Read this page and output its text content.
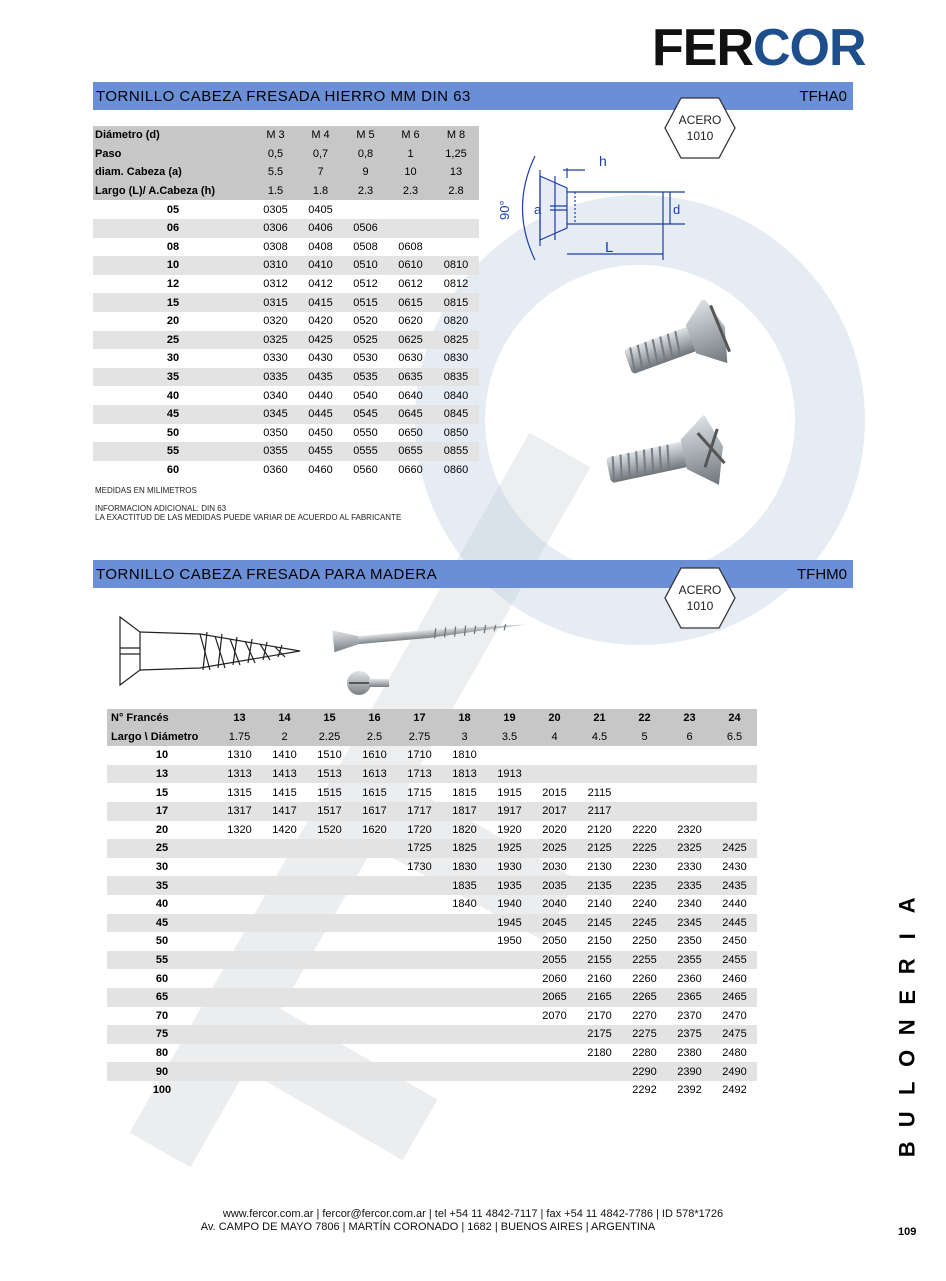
FERCOR
TORNILLO CABEZA FRESADA HIERRO MM DIN 63	TFHA0
ACERO
1010
Diámetro (d)	M 3	M 4	M 5	M 6	M 8
Paso	0,5	0,7	0,8	1	1,25
diam. Cabeza (a)	5.5	7	9	10	13
Largo (L)/ A.Cabeza (h)	1.5	1.8	2.3	2.3	2.8
05	0305	0405			
06	0306	0406	0506		
08	0308	0408	0508	0608	
10	0310	0410	0510	0610	0810
12	0312	0412	0512	0612	0812
15	0315	0415	0515	0615	0815
20	0320	0420	0520	0620	0820
25	0325	0425	0525	0625	0825
30	0330	0430	0530	0630	0830
35	0335	0435	0535	0635	0835
40	0340	0440	0540	0640	0840
45	0345	0445	0545	0645	0845
50	0350	0450	0550	0650	0850
55	0355	0455	0555	0655	0855
60	0360	0460	0560	0660	0860
h
a	d
L
90°
MEDIDAS EN MILIMETROS
INFORMACION ADICIONAL: DIN 63
LA EXACTITUD DE LAS MEDIDAS PUEDE VARIAR DE ACUERDO AL FABRICANTE
TORNILLO CABEZA FRESADA PARA MADERA	TFHM0
ACERO
1010
N° Francés	13	14	15	16	17	18	19	20	21	22	23	24
Largo \ Diámetro	1.75	2	2.25	2.5	2.75	3	3.5	4	4.5	5	6	6.5
10	1310	1410	1510	1610	1710	1810						
13	1313	1413	1513	1613	1713	1813	1913					
15	1315	1415	1515	1615	1715	1815	1915	2015	2115			
17	1317	1417	1517	1617	1717	1817	1917	2017	2117			
20	1320	1420	1520	1620	1720	1820	1920	2020	2120	2220	2320	
25					1725	1825	1925	2025	2125	2225	2325	2425
30					1730	1830	1930	2030	2130	2230	2330	2430
35						1835	1935	2035	2135	2235	2335	2435
40						1840	1940	2040	2140	2240	2340	2440
45							1945	2045	2145	2245	2345	2445
50							1950	2050	2150	2250	2350	2450
55								2055	2155	2255	2355	2455
60								2060	2160	2260	2360	2460
65								2065	2165	2265	2365	2465
70								2070	2170	2270	2370	2470
75									2175	2275	2375	2475
80									2180	2280	2380	2480
90										2290	2390	2490
100										2292	2392	2492
A
I
R
E
N
O
L
U
B
www.fercor.com.ar | fercor@fercor.com.ar | tel +54 11 4842-7117 | fax +54 11 4842-7786 | ID 578*1726
Av. CAMPO DE MAYO 7806 | MARTÍN CORONADO | 1682 | BUENOS AIRES | ARGENTINA	109
